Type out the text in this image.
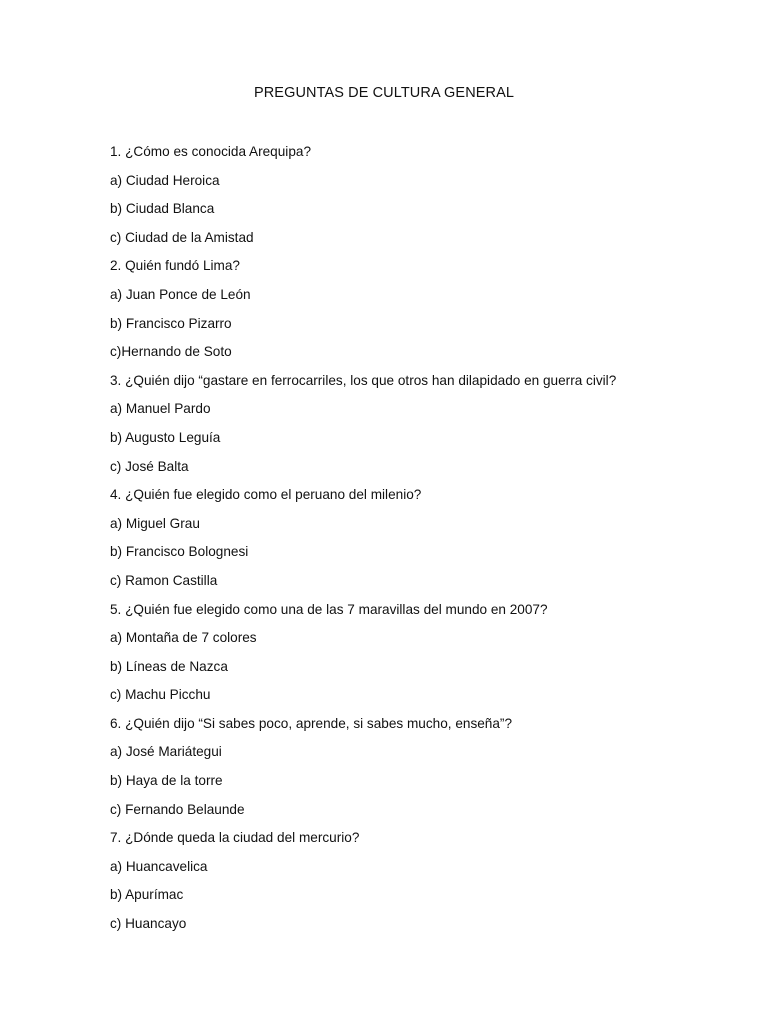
PREGUNTAS DE CULTURA GENERAL
1. ¿Cómo es conocida Arequipa?
a) Ciudad Heroica
b) Ciudad Blanca
c) Ciudad de la Amistad
2. Quién fundó Lima?
a) Juan Ponce de León
b) Francisco Pizarro
c)Hernando de Soto
3. ¿Quién dijo “gastare en ferrocarriles, los que otros han dilapidado en guerra civil?
a) Manuel Pardo
b) Augusto Leguía
c) José Balta
4. ¿Quién fue elegido como el peruano del milenio?
a) Miguel Grau
b) Francisco Bolognesi
c) Ramon Castilla
5. ¿Quién fue elegido como una de las 7 maravillas del mundo en 2007?
a) Montaña de 7 colores
b) Líneas de Nazca
c) Machu Picchu
6. ¿Quién dijo “Si sabes poco, aprende, si sabes mucho, enseña”?
a) José Mariátegui
b) Haya de la torre
c) Fernando Belaunde
7. ¿Dónde queda la ciudad del mercurio?
a) Huancavelica
b) Apurímac
c) Huancayo
